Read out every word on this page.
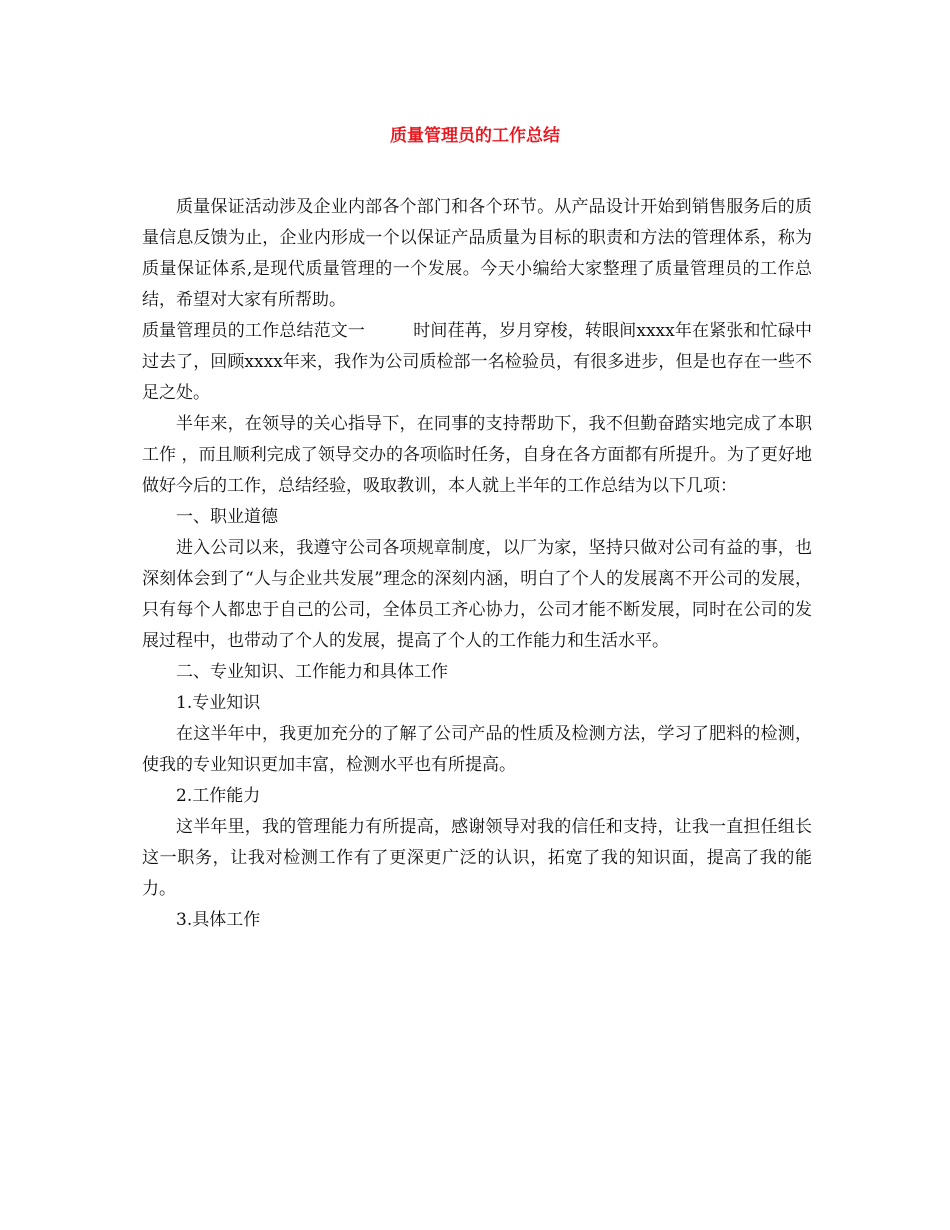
质量管理员的工作总结

质量保证活动涉及企业内部各个部门和各个环节。从产品设计开始到销售服务后的质量信息反馈为止，企业内形成一个以保证产品质量为目标的职责和方法的管理体系，称为质量保证体系,是现代质量管理的一个发展。今天小编给大家整理了质量管理员的工作总结，希望对大家有所帮助。

质量管理员的工作总结范文一	时间荏苒，岁月穿梭，转眼间xxxx年在紧张和忙碌中过去了，回顾xxxx年来，我作为公司质检部一名检验员，有很多进步，但是也存在一些不足之处。

半年来，在领导的关心指导下，在同事的支持帮助下，我不但勤奋踏实地完成了本职工作 ，而且顺利完成了领导交办的各项临时任务，自身在各方面都有所提升。为了更好地做好今后的工作，总结经验，吸取教训，本人就上半年的工作总结为以下几项：

一、职业道德

进入公司以来，我遵守公司各项规章制度，以厂为家，坚持只做对公司有益的事，也深刻体会到了“人与企业共发展”理念的深刻内涵，明白了个人的发展离不开公司的发展，只有每个人都忠于自己的公司，全体员工齐心协力，公司才能不断发展，同时在公司的发展过程中，也带动了个人的发展，提高了个人的工作能力和生活水平。

二、专业知识、工作能力和具体工作

1.专业知识

在这半年中，我更加充分的了解了公司产品的性质及检测方法，学习了肥料的检测，使我的专业知识更加丰富，检测水平也有所提高。

2.工作能力

这半年里，我的管理能力有所提高，感谢领导对我的信任和支持，让我一直担任组长这一职务，让我对检测工作有了更深更广泛的认识，拓宽了我的知识面，提高了我的能力。

3.具体工作
